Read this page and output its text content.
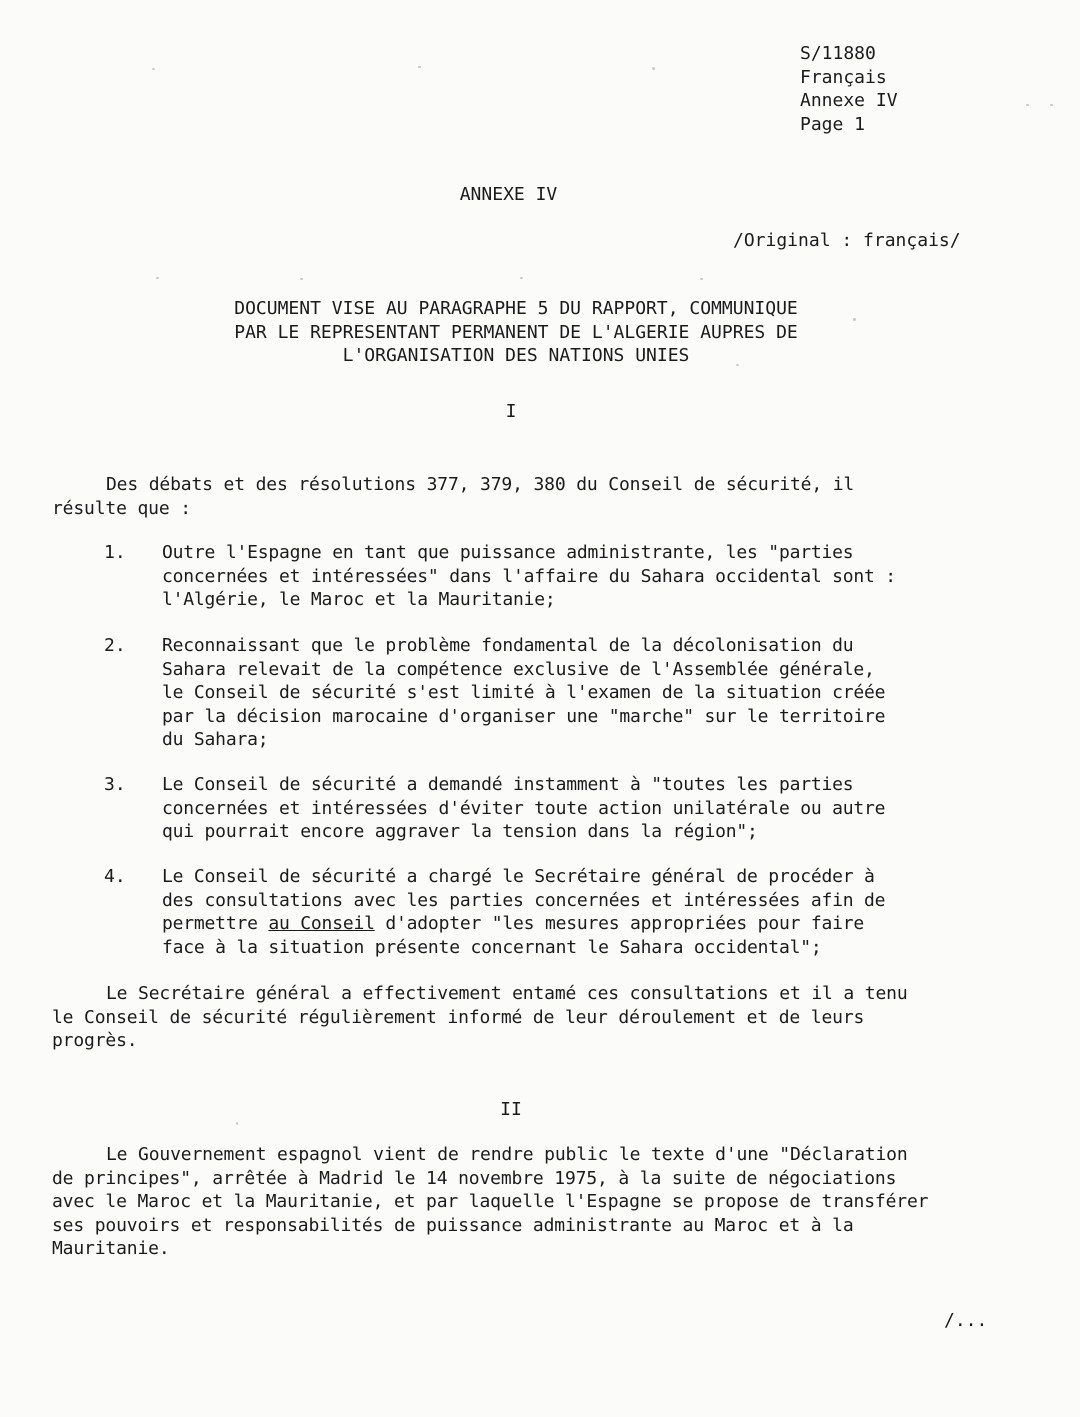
S/11880
Français
Annexe IV
Page 1
ANNEXE IV
/Original : français/
DOCUMENT VISE AU PARAGRAPHE 5 DU RAPPORT, COMMUNIQUE
PAR LE REPRESENTANT PERMANENT DE L'ALGERIE AUPRES DE
L'ORGANISATION DES NATIONS UNIES
I
Des débats et des résolutions 377, 379, 380 du Conseil de sécurité, il
résulte que :
1.	Outre l'Espagne en tant que puissance administrante, les "parties
concernées et intéressées" dans l'affaire du Sahara occidental sont :
l'Algérie, le Maroc et la Mauritanie;
2.	Reconnaissant que le problème fondamental de la décolonisation du
Sahara relevait de la compétence exclusive de l'Assemblée générale,
le Conseil de sécurité s'est limité à l'examen de la situation créée
par la décision marocaine d'organiser une "marche" sur le territoire
du Sahara;
3.	Le Conseil de sécurité a demandé instamment à "toutes les parties
concernées et intéressées d'éviter toute action unilatérale ou autre
qui pourrait encore aggraver la tension dans la région";
4.	Le Conseil de sécurité a chargé le Secrétaire général de procéder à
des consultations avec les parties concernées et intéressées afin de
permettre au Conseil d'adopter "les mesures appropriées pour faire
face à la situation présente concernant le Sahara occidental";
Le Secrétaire général a effectivement entamé ces consultations et il a tenu
le Conseil de sécurité régulièrement informé de leur déroulement et de leurs
progrès.
II
Le Gouvernement espagnol vient de rendre public le texte d'une "Déclaration
de principes", arrêtée à Madrid le 14 novembre 1975, à la suite de négociations
avec le Maroc et la Mauritanie, et par laquelle l'Espagne se propose de transférer
ses pouvoirs et responsabilités de puissance administrante au Maroc et à la
Mauritanie.
/...
